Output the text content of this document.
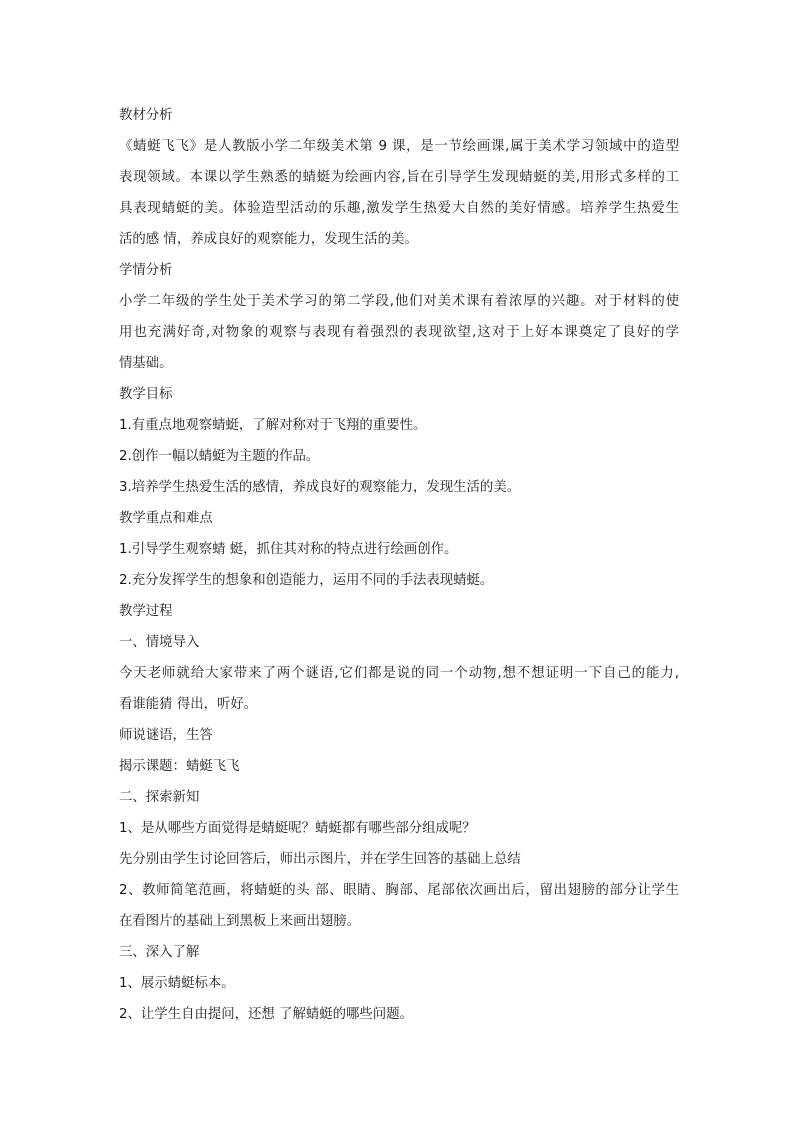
教材分析
《蜻蜓飞飞》是人教版小学二年级美术第 9 课，是一节绘画课,属于美术学习领域中的造型
表现领域。本课以学生熟悉的蜻蜓为绘画内容,旨在引导学生发现蜻蜓的美,用形式多样的工
具表现蜻蜓的美。体验造型活动的乐趣,激发学生热爱大自然的美好情感。培养学生热爱生
活的感 情，养成良好的观察能力，发现生活的美。
学情分析
小学二年级的学生处于美术学习的第二学段,他们对美术课有着浓厚的兴趣。对于材料的使
用也充满好奇,对物象的观察与表现有着强烈的表现欲望,这对于上好本课奠定了良好的学
情基础。
教学目标
1.有重点地观察蜻蜓，了解对称对于飞翔的重要性。
2.创作一幅以蜻蜓为主题的作品。
3.培养学生热爱生活的感情，养成良好的观察能力，发现生活的美。
教学重点和难点
1.引导学生观察蜻 蜓，抓住其对称的特点进行绘画创作。
2.充分发挥学生的想象和创造能力，运用不同的手法表现蜻蜓。
教学过程
一、情境导入
今天老师就给大家带来了两个谜语,它们都是说的同一个动物,想不想证明一下自己的能力,
看谁能猜 得出，听好。
师说谜语，生答
揭示课题：蜻蜓飞飞
二、探索新知
1、是从哪些方面觉得是蜻蜓呢？蜻蜓都有哪些部分组成呢？
先分别由学生讨论回答后，师出示图片，并在学生回答的基础上总结
2、教师简笔范画，将蜻蜓的头 部、眼睛、胸部、尾部依次画出后，留出翅膀的部分让学生
在看图片的基础上到黑板上来画出翅膀。
三、深入了解
1、展示蜻蜓标本。
2、让学生自由提问，还想 了解蜻蜓的哪些问题。
